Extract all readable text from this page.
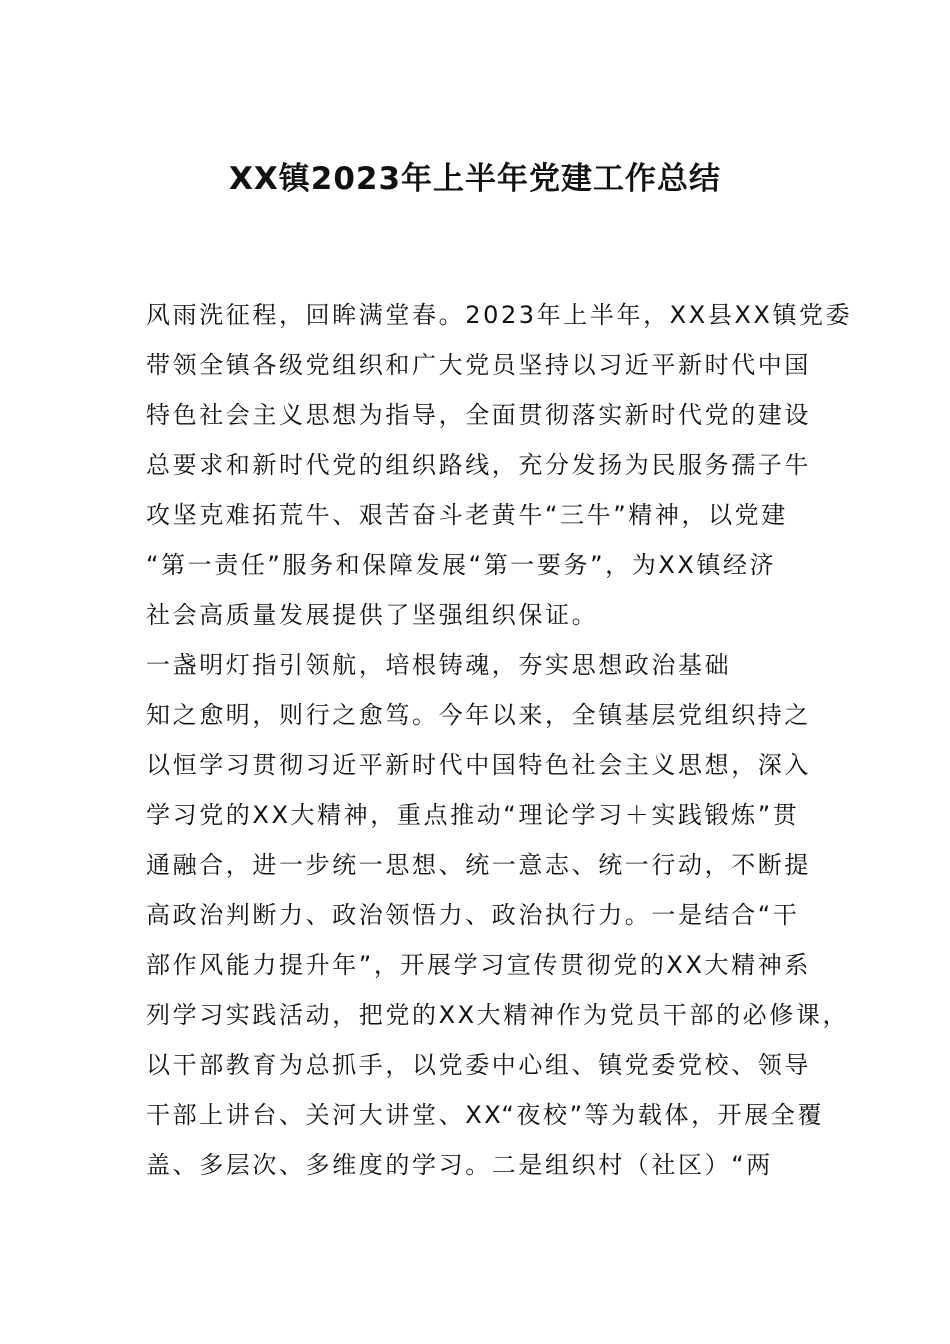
XX镇2023年上半年党建工作总结
风雨洗征程，回眸满堂春。2023年上半年，XX县XX镇党委
带领全镇各级党组织和广大党员坚持以习近平新时代中国
特色社会主义思想为指导，全面贯彻落实新时代党的建设
总要求和新时代党的组织路线，充分发扬为民服务孺子牛
攻坚克难拓荒牛、艰苦奋斗老黄牛“三牛”精神，以党建
“第一责任”服务和保障发展“第一要务”，为XX镇经济
社会高质量发展提供了坚强组织保证。
一盏明灯指引领航，培根铸魂，夯实思想政治基础
知之愈明，则行之愈笃。今年以来，全镇基层党组织持之
以恒学习贯彻习近平新时代中国特色社会主义思想，深入
学习党的XX大精神，重点推动“理论学习＋实践锻炼”贯
通融合，进一步统一思想、统一意志、统一行动，不断提
高政治判断力、政治领悟力、政治执行力。一是结合“干
部作风能力提升年”，开展学习宣传贯彻党的XX大精神系
列学习实践活动，把党的XX大精神作为党员干部的必修课，
以干部教育为总抓手，以党委中心组、镇党委党校、领导
干部上讲台、关河大讲堂、XX“夜校”等为载体，开展全覆
盖、多层次、多维度的学习。二是组织村（社区）“两
